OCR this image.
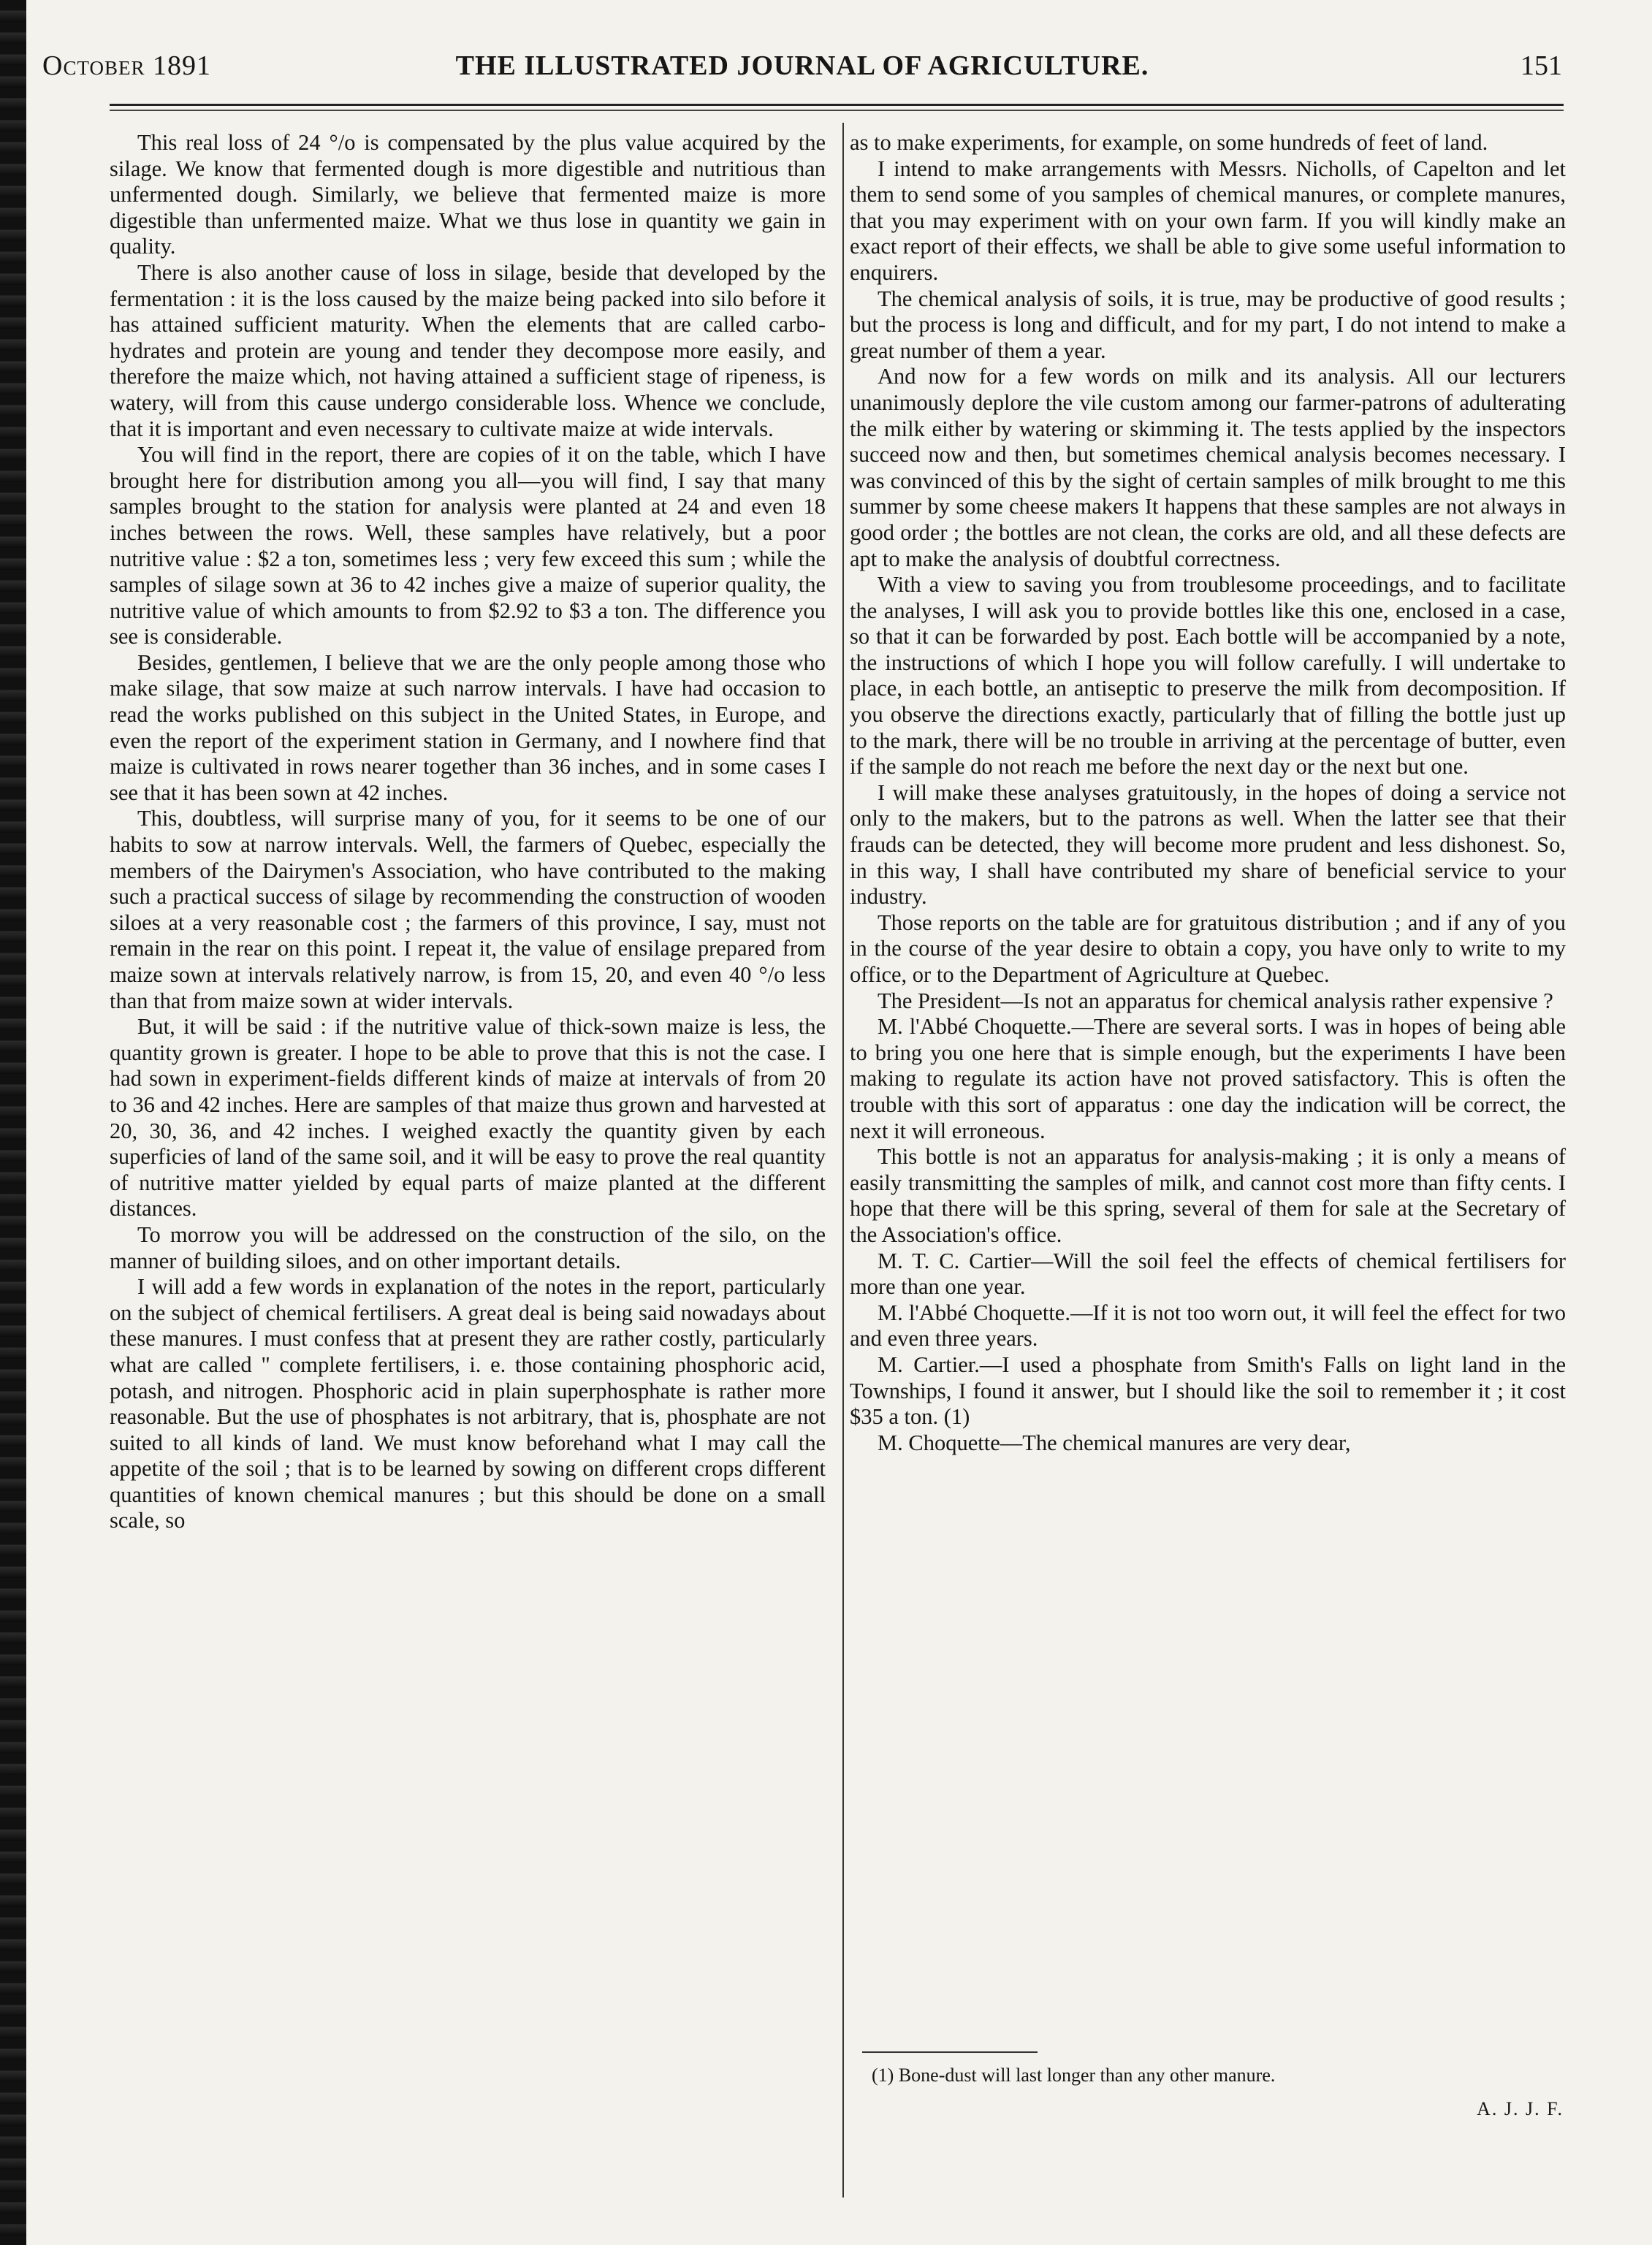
October 1891	THE ILLUSTRATED JOURNAL OF AGRICULTURE.	151

This real loss of 24 °/o is compensated by the plus value acquired by the silage. We know that fermented dough is more digestible and nutritious than unfermented dough. Similarly, we believe that fermented maize is more digestible than unfermented maize. What we thus lose in quantity we gain in quality.

There is also another cause of loss in silage, beside that developed by the fermentation : it is the loss caused by the maize being packed into silo before it has attained sufficient maturity. When the elements that are called carbo-hydrates and protein are young and tender they decompose more easily, and therefore the maize which, not having attained a sufficient stage of ripeness, is watery, will from this cause undergo considerable loss. Whence we conclude, that it is important and even necessary to cultivate maize at wide intervals.

You will find in the report, there are copies of it on the table, which I have brought here for distribution among you all—you will find, I say that many samples brought to the station for analysis were planted at 24 and even 18 inches between the rows. Well, these samples have relatively, but a poor nutritive value : $2 a ton, sometimes less ; very few exceed this sum ; while the samples of silage sown at 36 to 42 inches give a maize of superior quality, the nutritive value of which amounts to from $2.92 to $3 a ton. The difference you see is considerable.

Besides, gentlemen, I believe that we are the only people among those who make silage, that sow maize at such narrow intervals. I have had occasion to read the works published on this subject in the United States, in Europe, and even the report of the experiment station in Germany, and I nowhere find that maize is cultivated in rows nearer together than 36 inches, and in some cases I see that it has been sown at 42 inches.

This, doubtless, will surprise many of you, for it seems to be one of our habits to sow at narrow intervals. Well, the farmers of Quebec, especially the members of the Dairymen's Association, who have contributed to the making such a practical success of silage by recommending the construction of wooden siloes at a very reasonable cost ; the farmers of this province, I say, must not remain in the rear on this point. I repeat it, the value of ensilage prepared from maize sown at intervals relatively narrow, is from 15, 20, and even 40 °/o less than that from maize sown at wider intervals.

But, it will be said : if the nutritive value of thick-sown maize is less, the quantity grown is greater. I hope to be able to prove that this is not the case. I had sown in experiment-fields different kinds of maize at intervals of from 20 to 36 and 42 inches. Here are samples of that maize thus grown and harvested at 20, 30, 36, and 42 inches. I weighed exactly the quantity given by each superficies of land of the same soil, and it will be easy to prove the real quantity of nutritive matter yielded by equal parts of maize planted at the different distances.

To morrow you will be addressed on the construction of the silo, on the manner of building siloes, and on other important details.

I will add a few words in explanation of the notes in the report, particularly on the subject of chemical fertilisers. A great deal is being said nowadays about these manures. I must confess that at present they are rather costly, particularly what are called " complete fertilisers, i. e. those containing phosphoric acid, potash, and nitrogen. Phosphoric acid in plain superphosphate is rather more reasonable. But the use of phosphates is not arbitrary, that is, phosphate are not suited to all kinds of land. We must know beforehand what I may call the appetite of the soil ; that is to be learned by sowing on different crops different quantities of known chemical manures ; but this should be done on a small scale, so

as to make experiments, for example, on some hundreds of feet of land.

I intend to make arrangements with Messrs. Nicholls, of Capelton and let them to send some of you samples of chemical manures, or complete manures, that you may experiment with on your own farm. If you will kindly make an exact report of their effects, we shall be able to give some useful information to enquirers.

The chemical analysis of soils, it is true, may be productive of good results ; but the process is long and difficult, and for my part, I do not intend to make a great number of them a year.

And now for a few words on milk and its analysis. All our lecturers unanimously deplore the vile custom among our farmer-patrons of adulterating the milk either by watering or skimming it. The tests applied by the inspectors succeed now and then, but sometimes chemical analysis becomes necessary. I was convinced of this by the sight of certain samples of milk brought to me this summer by some cheese makers It happens that these samples are not always in good order ; the bottles are not clean, the corks are old, and all these defects are apt to make the analysis of doubtful correctness.

With a view to saving you from troublesome proceedings, and to facilitate the analyses, I will ask you to provide bottles like this one, enclosed in a case, so that it can be forwarded by post. Each bottle will be accompanied by a note, the instructions of which I hope you will follow carefully. I will undertake to place, in each bottle, an antiseptic to preserve the milk from decomposition. If you observe the directions exactly, particularly that of filling the bottle just up to the mark, there will be no trouble in arriving at the percentage of butter, even if the sample do not reach me before the next day or the next but one.

I will make these analyses gratuitously, in the hopes of doing a service not only to the makers, but to the patrons as well. When the latter see that their frauds can be detected, they will become more prudent and less dishonest. So, in this way, I shall have contributed my share of beneficial service to your industry.

Those reports on the table are for gratuitous distribution ; and if any of you in the course of the year desire to obtain a copy, you have only to write to my office, or to the Department of Agriculture at Quebec.

The President—Is not an apparatus for chemical analysis rather expensive ?

M. l'Abbé Choquette.—There are several sorts. I was in hopes of being able to bring you one here that is simple enough, but the experiments I have been making to regulate its action have not proved satisfactory. This is often the trouble with this sort of apparatus : one day the indication will be correct, the next it will erroneous.

This bottle is not an apparatus for analysis-making ; it is only a means of easily transmitting the samples of milk, and cannot cost more than fifty cents. I hope that there will be this spring, several of them for sale at the Secretary of the Association's office.

M. T. C. Cartier—Will the soil feel the effects of chemical fertilisers for more than one year.

M. l'Abbé Choquette.—If it is not too worn out, it will feel the effect for two and even three years.

M. Cartier.—I used a phosphate from Smith's Falls on light land in the Townships, I found it answer, but I should like the soil to remember it ; it cost $35 a ton. (1)

M. Choquette—The chemical manures are very dear,

(1) Bone-dust will last longer than any other manure.
A. J. J. F.
